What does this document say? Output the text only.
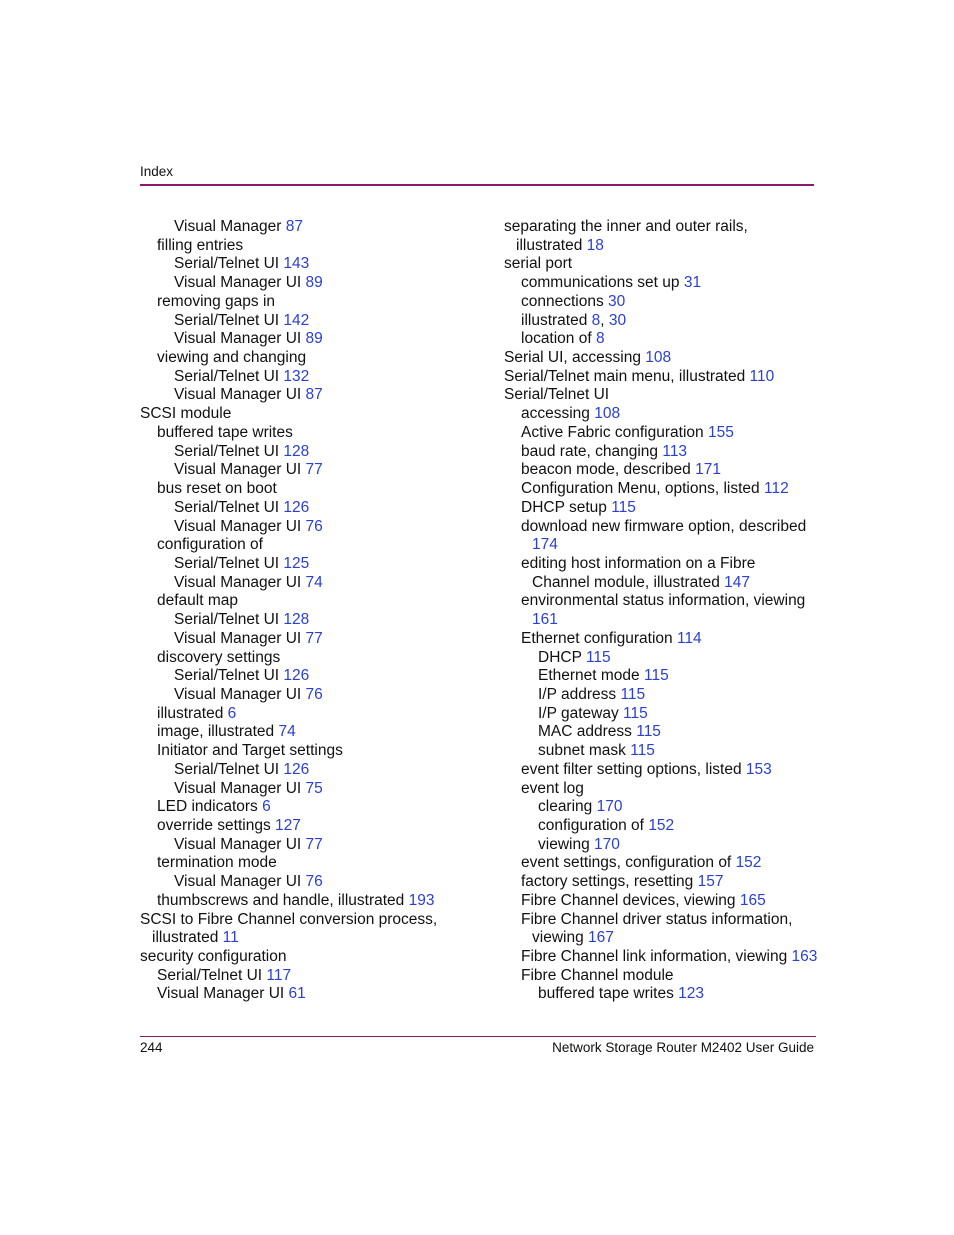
Index
Visual Manager 87
filling entries
Serial/Telnet UI 143
Visual Manager UI 89
removing gaps in
Serial/Telnet UI 142
Visual Manager UI 89
viewing and changing
Serial/Telnet UI 132
Visual Manager UI 87
SCSI module
buffered tape writes
Serial/Telnet UI 128
Visual Manager UI 77
bus reset on boot
Serial/Telnet UI 126
Visual Manager UI 76
configuration of
Serial/Telnet UI 125
Visual Manager UI 74
default map
Serial/Telnet UI 128
Visual Manager UI 77
discovery settings
Serial/Telnet UI 126
Visual Manager UI 76
illustrated 6
image, illustrated 74
Initiator and Target settings
Serial/Telnet UI 126
Visual Manager UI 75
LED indicators 6
override settings 127
Visual Manager UI 77
termination mode
Visual Manager UI 76
thumbscrews and handle, illustrated 193
SCSI to Fibre Channel conversion process, illustrated 11
security configuration
Serial/Telnet UI 117
Visual Manager UI 61
separating the inner and outer rails, illustrated 18
serial port
communications set up 31
connections 30
illustrated 8, 30
location of 8
Serial UI, accessing 108
Serial/Telnet main menu, illustrated 110
Serial/Telnet UI
accessing 108
Active Fabric configuration 155
baud rate, changing 113
beacon mode, described 171
Configuration Menu, options, listed 112
DHCP setup 115
download new firmware option, described 174
editing host information on a Fibre Channel module, illustrated 147
environmental status information, viewing 161
Ethernet configuration 114
DHCP 115
Ethernet mode 115
I/P address 115
I/P gateway 115
MAC address 115
subnet mask 115
event filter setting options, listed 153
event log
clearing 170
configuration of 152
viewing 170
event settings, configuration of 152
factory settings, resetting 157
Fibre Channel devices, viewing 165
Fibre Channel driver status information, viewing 167
Fibre Channel link information, viewing 163
Fibre Channel module
buffered tape writes 123
244	Network Storage Router M2402 User Guide
